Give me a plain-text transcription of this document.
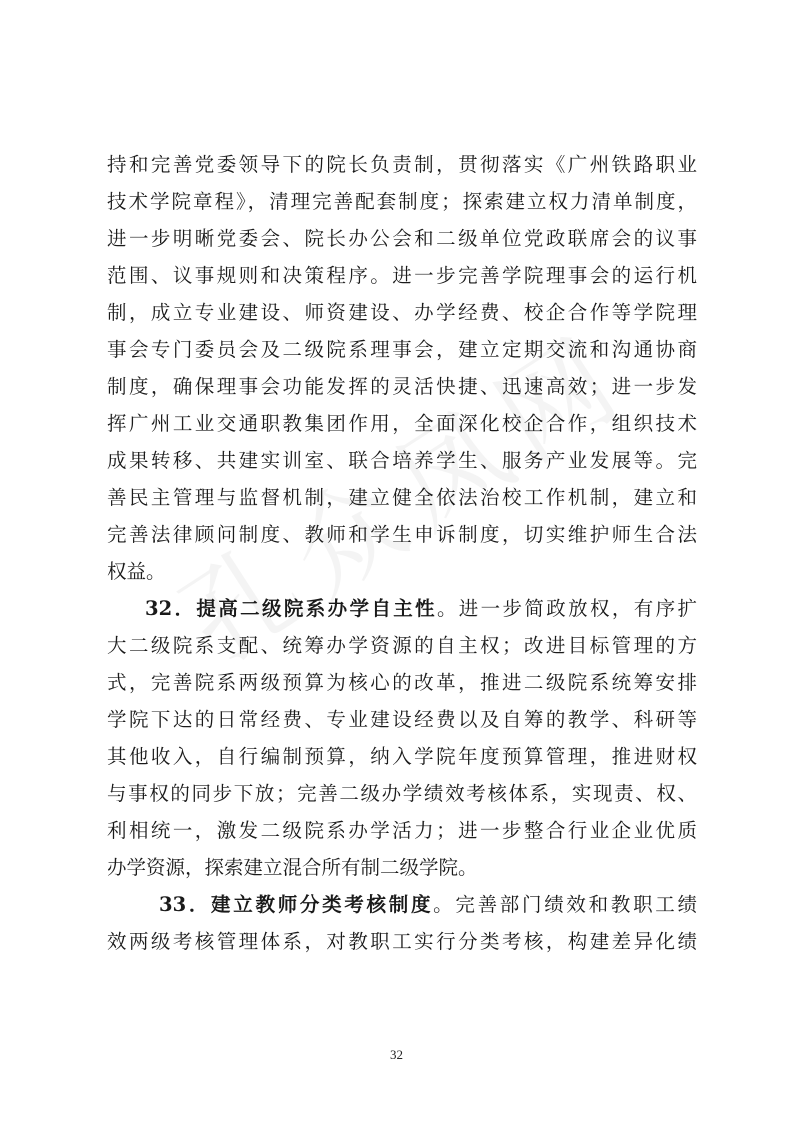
持和完善党委领导下的院长负责制，贯彻落实《广州铁路职业
技术学院章程》，清理完善配套制度；探索建立权力清单制度，
进一步明晰党委会、院长办公会和二级单位党政联席会的议事
范围、议事规则和决策程序。进一步完善学院理事会的运行机
制，成立专业建设、师资建设、办学经费、校企合作等学院理
事会专门委员会及二级院系理事会，建立定期交流和沟通协商
制度，确保理事会功能发挥的灵活快捷、迅速高效；进一步发
挥广州工业交通职教集团作用，全面深化校企合作，组织技术
成果转移、共建实训室、联合培养学生、服务产业发展等。完
善民主管理与监督机制，建立健全依法治校工作机制，建立和
完善法律顾问制度、教师和学生申诉制度，切实维护师生合法
权益。
32．提高二级院系办学自主性。进一步简政放权，有序扩
大二级院系支配、统筹办学资源的自主权；改进目标管理的方
式，完善院系两级预算为核心的改革，推进二级院系统筹安排
学院下达的日常经费、专业建设经费以及自筹的教学、科研等
其他收入，自行编制预算，纳入学院年度预算管理，推进财权
与事权的同步下放；完善二级办学绩效考核体系，实现责、权、
利相统一，激发二级院系办学活力；进一步整合行业企业优质
办学资源，探索建立混合所有制二级学院。
33．建立教师分类考核制度。完善部门绩效和教职工绩
效两级考核管理体系，对教职工实行分类考核，构建差异化绩
32
